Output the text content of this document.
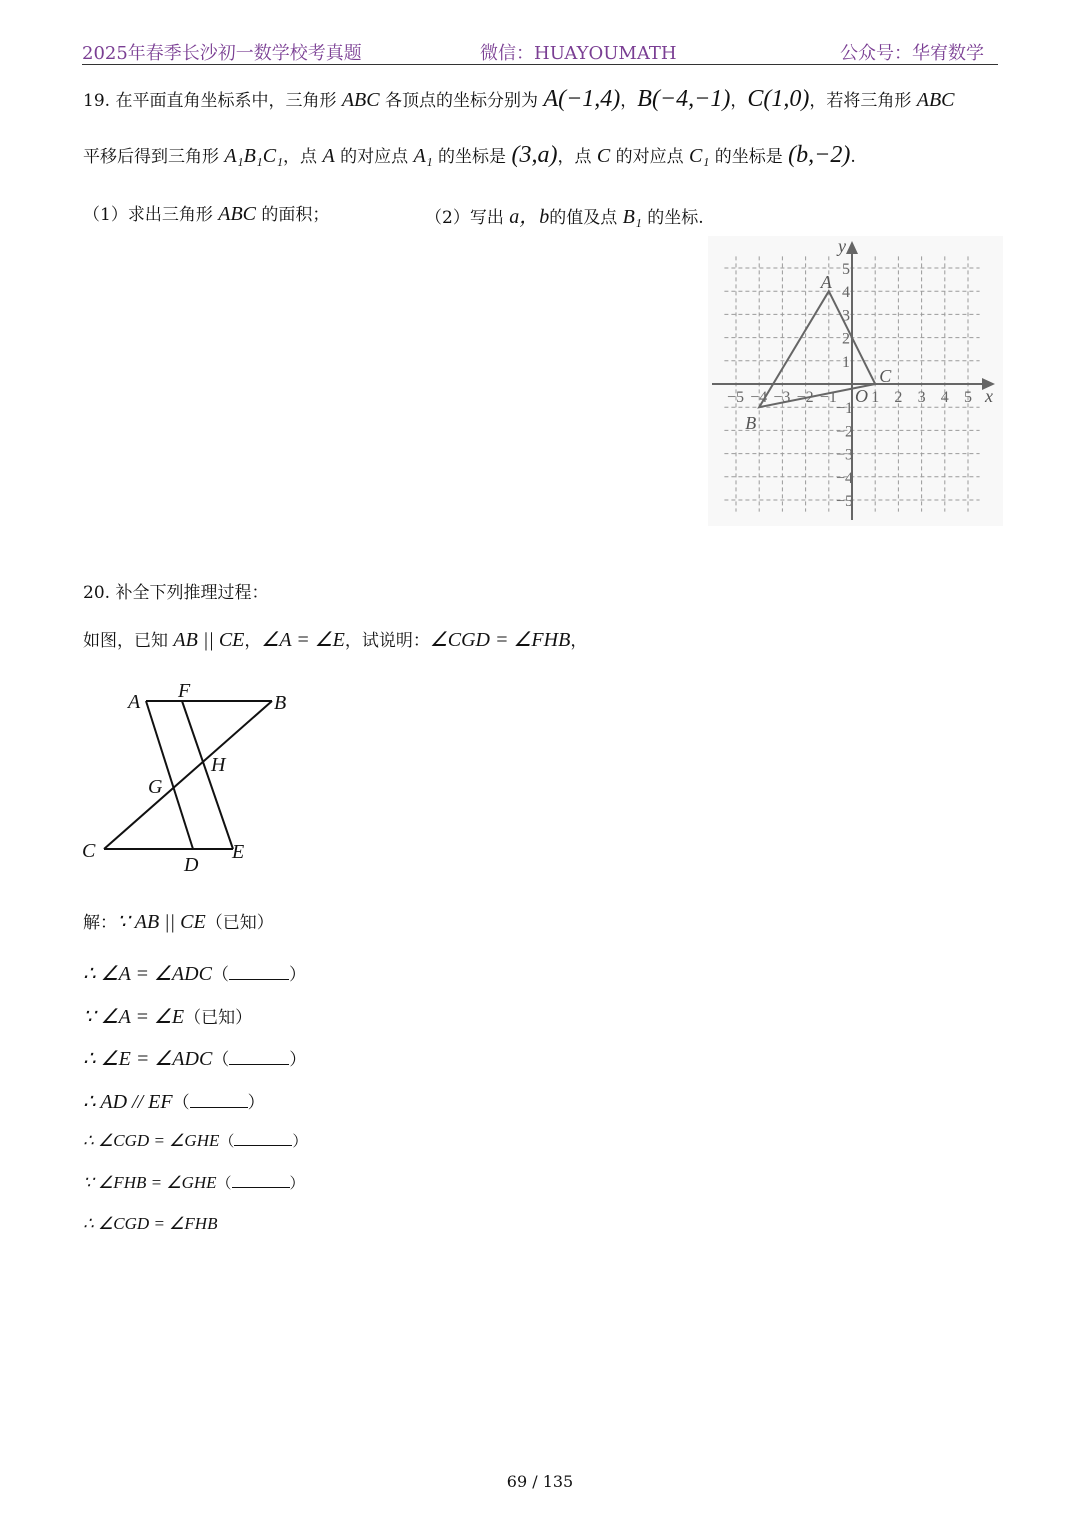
2025年春季长沙初一数学校考真题	微信：HUAYOUMATH	公众号：华宥数学
19. 在平面直角坐标系中，三角形 ABC 各顶点的坐标分别为 A(−1,4)，B(−4,−1)，C(1,0)，若将三角形 ABC
平移后得到三角形 A₁B₁C₁，点 A 的对应点 A₁ 的坐标是 (3,a)，点 C 的对应点 C₁ 的坐标是 (b,−2).
（1）求出三角形 ABC 的面积；	（2）写出 a，b的值及点 B₁ 的坐标.
−5 −4 −3 −2 −1 1 2 3 4 5
−5
−4
−3
−2
−1
1
2
3
4
5
A
B
C
x
y
O
20. 补全下列推理过程：
如图，已知 AB || CE，∠A = ∠E，试说明：∠CGD = ∠FHB，
A F
B
H
G
C
D
E
解：∵ AB || CE（已知）
∴ ∠A = ∠ADC（	）
∵ ∠A = ∠E（已知）
∴ ∠E = ∠ADC（	）
∴ AD // EF（	）
∴ ∠CGD = ∠GHE（	）
∵ ∠FHB = ∠GHE（	）
∴ ∠CGD = ∠FHB
69 / 135
